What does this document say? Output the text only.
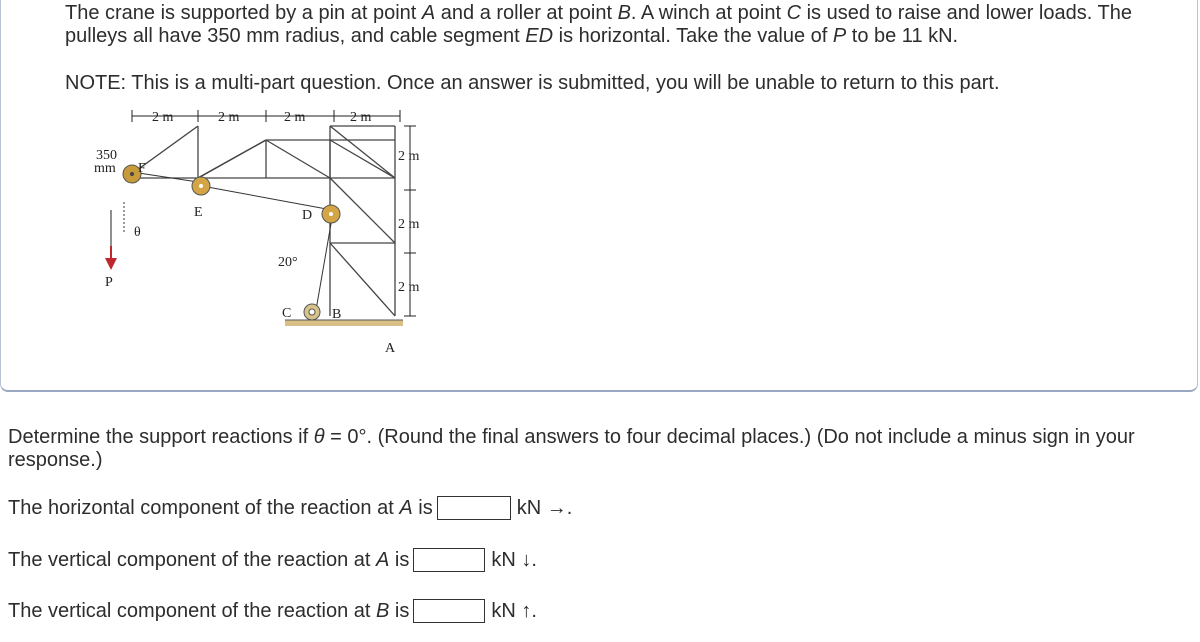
The crane is supported by a pin at point A and a roller at point B. A winch at point C is used to raise and lower loads. The pulleys all have 350 mm radius, and cable segment ED is horizontal. Take the value of P to be 11 kN.

NOTE: This is a multi-part question. Once an answer is submitted, you will be unable to return to this part.

2 m	2 m	2 m	2 m
2 m
2 m
2 m
350
mm F
E	D
C	B
A
P
θ
20°

Determine the support reactions if θ = 0°. (Round the final answers to four decimal places.) (Do not include a minus sign in your response.)

The horizontal component of the reaction at A is	kN →.
The vertical component of the reaction at A is	kN ↓.
The vertical component of the reaction at B is	kN ↑.
